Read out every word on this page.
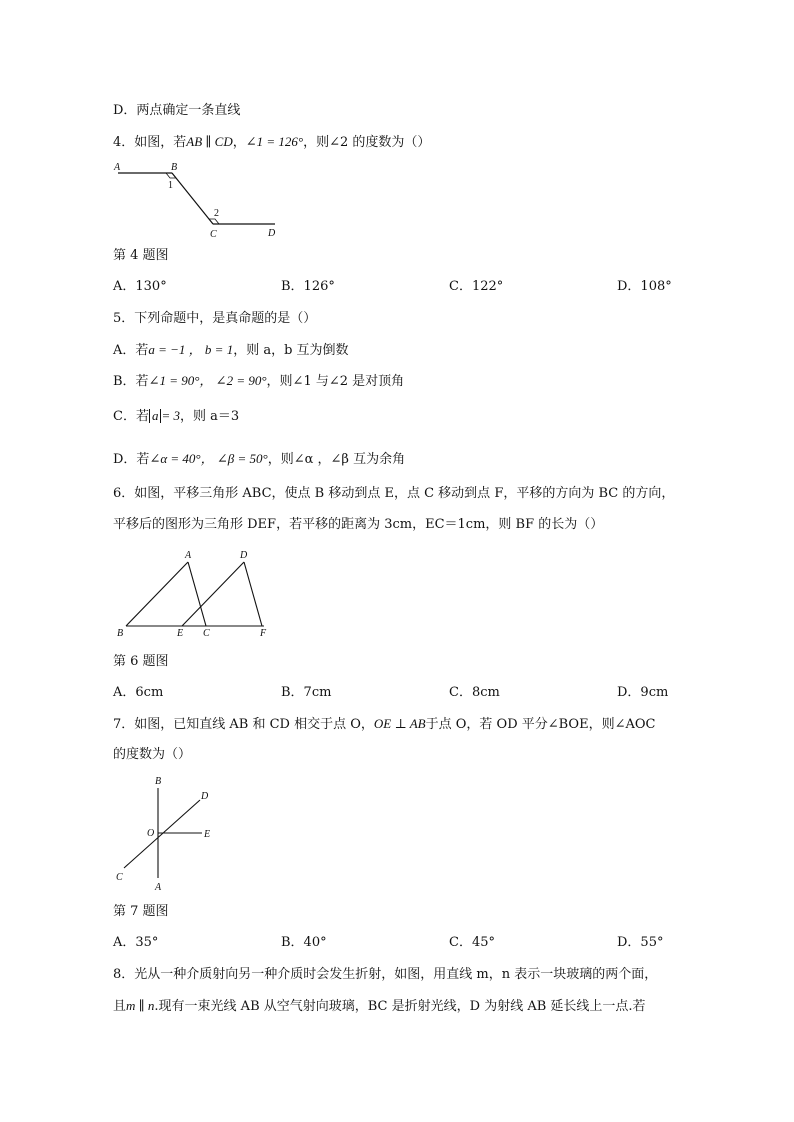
D．两点确定一条直线
4．如图，若AB ∥ CD，∠1 = 126°，则∠2 的度数为（）
A	B
1
2
C	D
第 4 题图
A．130°	B．126°	C．122°	D．108°
5．下列命题中，是真命题的是（）
A．若a = −1 ， b = 1，则 a，b 互为倒数
B．若∠1 = 90°， ∠2 = 90°，则∠1 与∠2 是对顶角
C．若 a = 3，则 a＝3
D．若∠α = 40°， ∠β = 50°，则∠α ，∠β 互为余角
6．如图，平移三角形 ABC，使点 B 移动到点 E，点 C 移动到点 F，平移的方向为 BC 的方向，
平移后的图形为三角形 DEF，若平移的距离为 3cm，EC＝1cm，则 BF 的长为（）
A	D
B	E C	F
第 6 题图
A．6cm	B．7cm	C．8cm	D．9cm
7．如图，已知直线 AB 和 CD 相交于点 O，OE ⊥ AB于点 O，若 OD 平分∠BOE，则∠AOC
的度数为（）
B
D
O	E
C
A
第 7 题图
A．35°	B．40°	C．45°	D．55°
8．光从一种介质射向另一种介质时会发生折射，如图，用直线 m，n 表示一块玻璃的两个面，
且m ∥ n.现有一束光线 AB 从空气射向玻璃，BC 是折射光线，D 为射线 AB 延长线上一点.若
